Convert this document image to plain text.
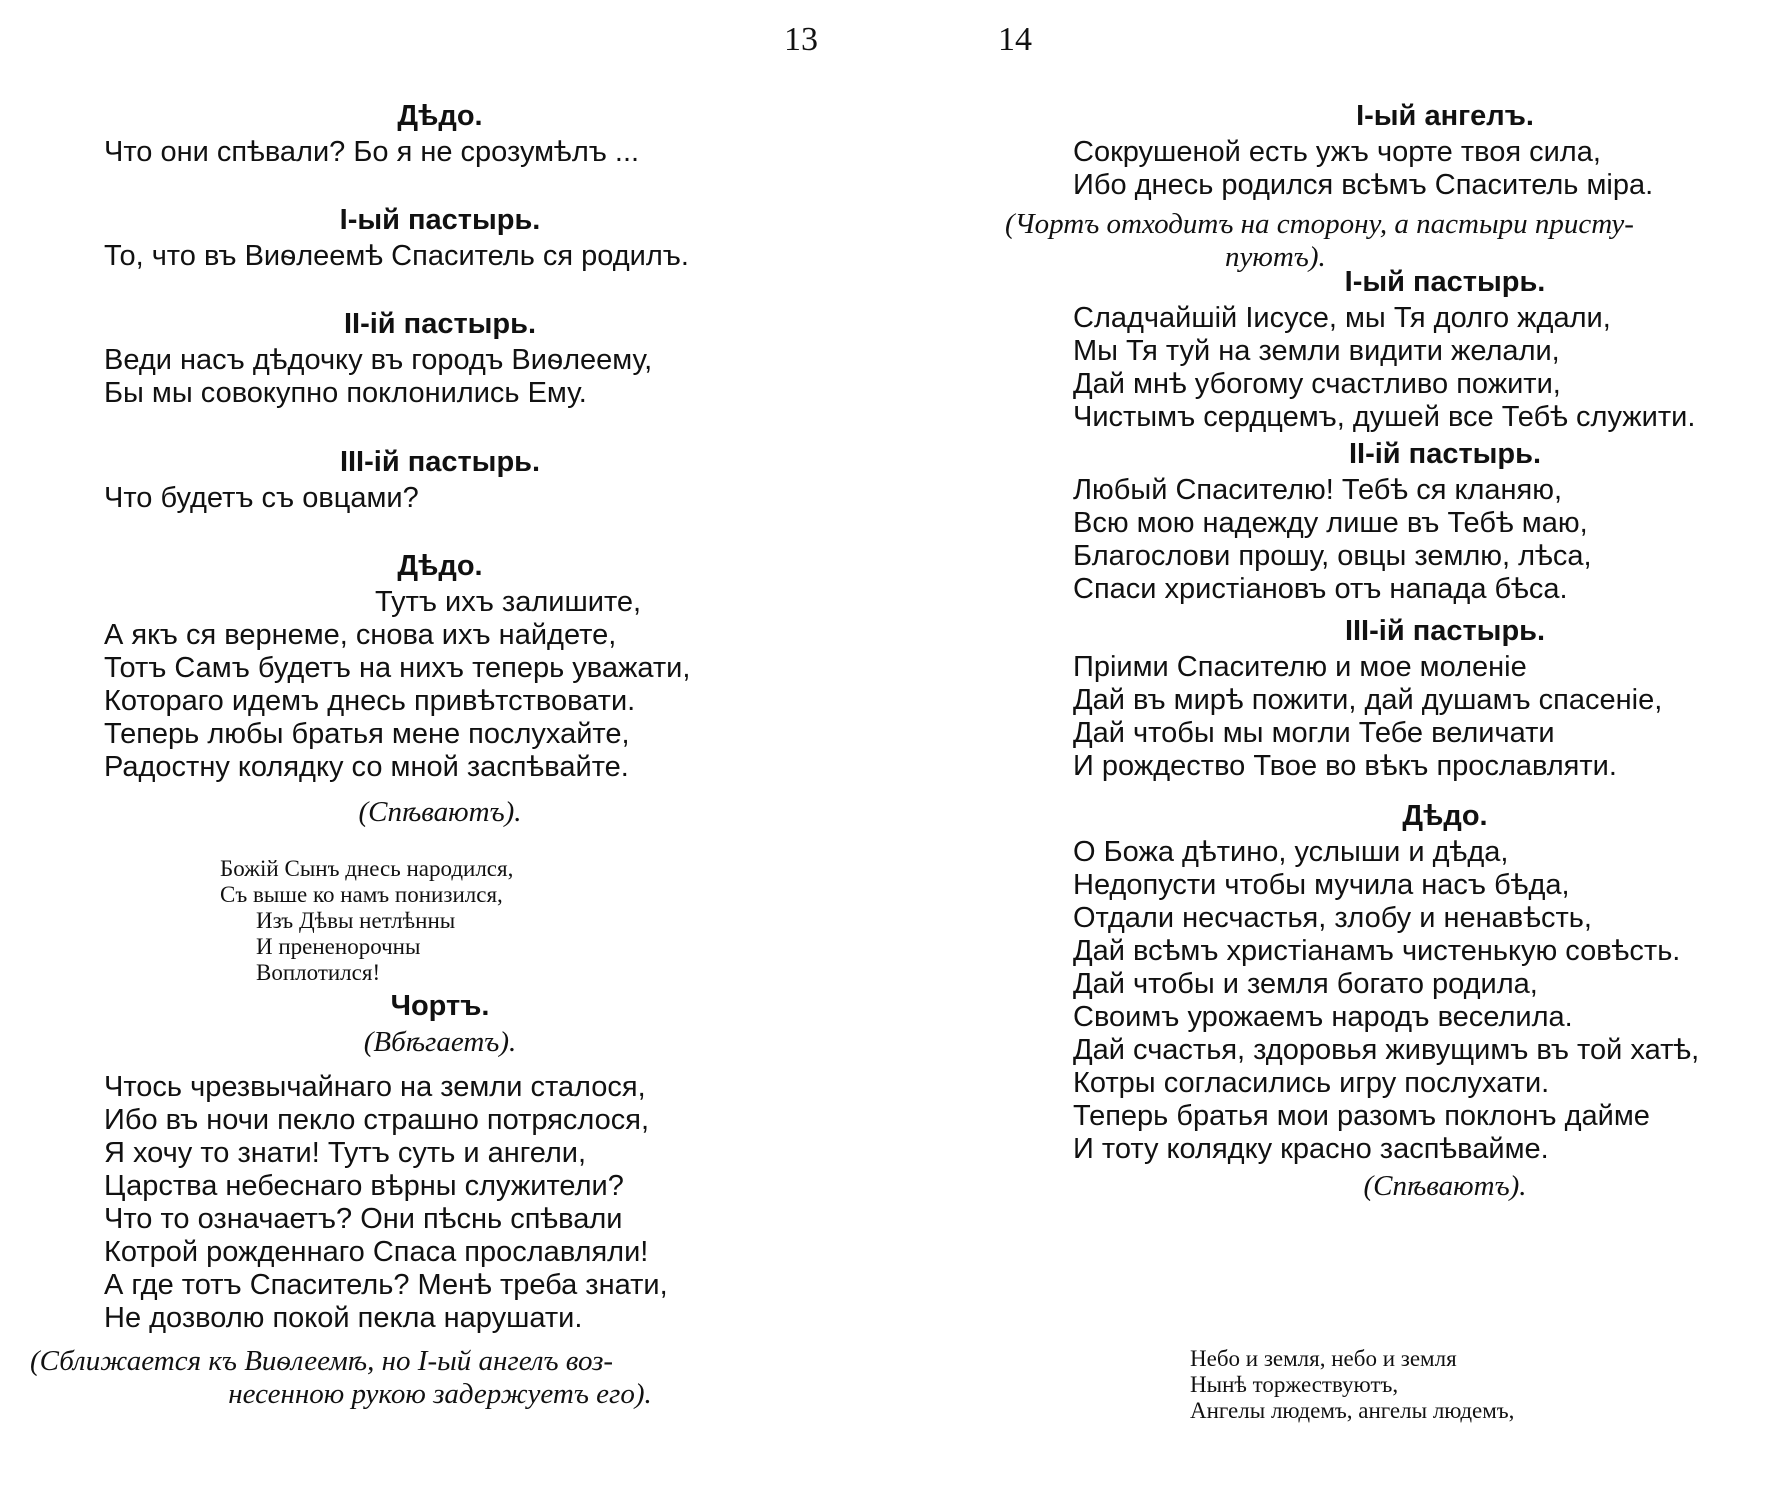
13	14

Дѣдо.

Что они спѣвали? Бо я не срозумѣлъ ...

І-ый пастырь.

То, что въ Виѳлеемѣ Спаситель ся родилъ.

ІІ-ій пастырь.

Веди насъ дѣдочку въ городъ Виѳлеему,

Бы мы совокупно поклонились Ему.

ІІІ-ій пастырь.

Что будетъ съ овцами?

Дѣдо.

Тутъ ихъ залишите,

А якъ ся вернеме, снова ихъ найдете,

Тотъ Самъ будетъ на нихъ теперь уважати,

Котораго идемъ днесь привѣтствовати.

Теперь любы братья мене послухайте,

Радостну колядку со мной заспѣвайте.

(Спѣваютъ).

Божій Сынъ днесь народился,

Съ выше ко намъ понизился,

Изъ Дѣвы нетлѣнны

И прененорочны

Воплотился!

Чортъ.

(Вбѣгаетъ).

Чтось чрезвычайнаго на земли сталося,

Ибо въ ночи пекло страшно потряслося,

Я хочу то знати! Тутъ суть и ангели,

Царства небеснаго вѣрны служители?

Что то означаетъ? Они пѣснь спѣвали

Котрой рожденнаго Спаса прославляли!

А где тотъ Спаситель? Менѣ треба знати,

Не дозволю покой пекла нарушати.

(Сближается къ Виѳлеемѣ, но І-ый ангелъ воз-

несенною рукою задержуетъ его).

І-ый ангелъ.

Сокрушеной есть ужъ чорте твоя сила,

Ибо днесь родился всѣмъ Спаситель міра.

(Чортъ отходитъ на сторону, а пастыри присту-

пуютъ).

І-ый пастырь.

Сладчайшій Іисусе, мы Тя долго ждали,

Мы Тя туй на земли видити желали,

Дай мнѣ убогому счастливо пожити,

Чистымъ сердцемъ, душей все Тебѣ служити.

ІІ-ій пастырь.

Любый Спасителю! Тебѣ ся кланяю,

Всю мою надежду лише въ Тебѣ маю,

Благослови прошу, овцы землю, лѣса,

Спаси христіановъ отъ напада бѣса.

ІІІ-ій пастырь.

Пріими Спасителю и мое моленіе

Дай въ мирѣ пожити, дай душамъ спасеніе,

Дай чтобы мы могли Тебе величати

И рождество Твое во вѣкъ прославляти.

Дѣдо.

О Божа дѣтино, услыши и дѣда,

Недопусти чтобы мучила насъ бѣда,

Отдали несчастья, злобу и ненавѣсть,

Дай всѣмъ христіанамъ чистенькую совѣсть.

Дай чтобы и земля богато родила,

Своимъ урожаемъ народъ веселила.

Дай счастья, здоровья живущимъ въ той хатѣ,

Котры согласились игру послухати.

Теперь братья мои разомъ поклонъ дайме

И тоту колядку красно заспѣвайме.

(Спѣваютъ).

Небо и земля, небо и земля

Нынѣ торжествуютъ,

Ангелы людемъ, ангелы людемъ,
